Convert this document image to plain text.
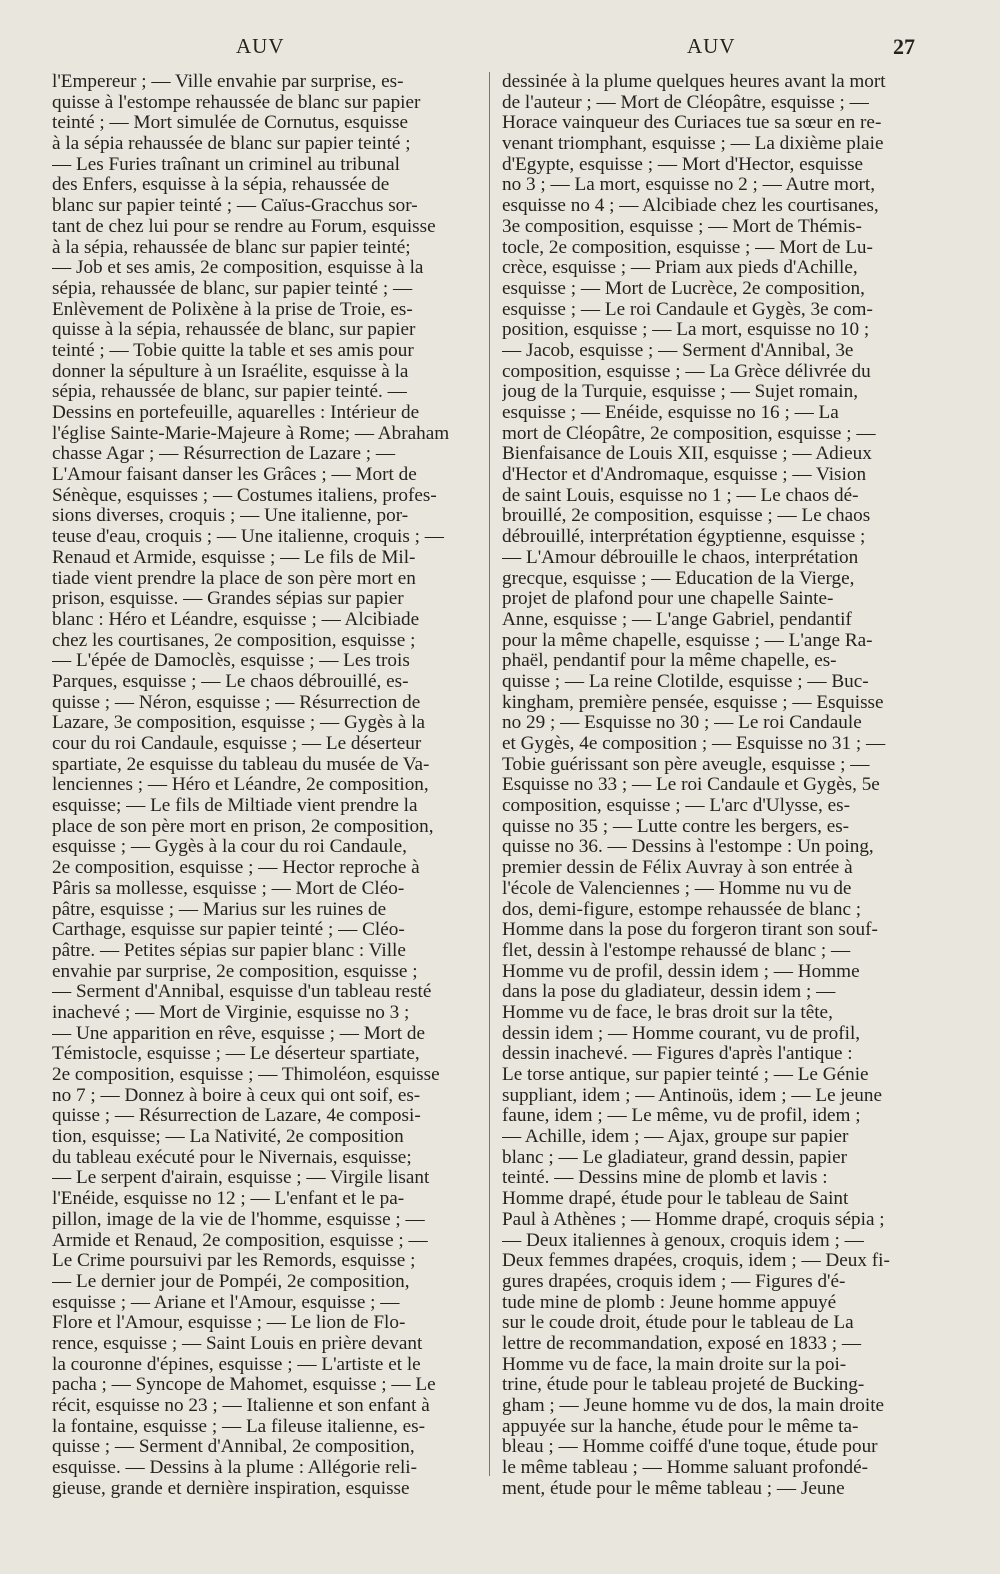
AUV	AUV	27
l'Empereur ; — Ville envahie par surprise, es-
quisse à l'estompe rehaussée de blanc sur papier
teinté ; — Mort simulée de Cornutus, esquisse
à la sépia rehaussée de blanc sur papier teinté ;
— Les Furies traînant un criminel au tribunal
des Enfers, esquisse à la sépia, rehaussée de
blanc sur papier teinté ; — Caïus-Gracchus sor-
tant de chez lui pour se rendre au Forum, esquisse
à la sépia, rehaussée de blanc sur papier teinté;
— Job et ses amis, 2e composition, esquisse à la
sépia, rehaussée de blanc, sur papier teinté ; —
Enlèvement de Polixène à la prise de Troie, es-
quisse à la sépia, rehaussée de blanc, sur papier
teinté ; — Tobie quitte la table et ses amis pour
donner la sépulture à un Israélite, esquisse à la
sépia, rehaussée de blanc, sur papier teinté. —
Dessins en portefeuille, aquarelles : Intérieur de
l'église Sainte-Marie-Majeure à Rome; — Abraham
chasse Agar ; — Résurrection de Lazare ; —
L'Amour faisant danser les Grâces ; — Mort de
Sénèque, esquisses ; — Costumes italiens, profes-
sions diverses, croquis ; — Une italienne, por-
teuse d'eau, croquis ; — Une italienne, croquis ; —
Renaud et Armide, esquisse ; — Le fils de Mil-
tiade vient prendre la place de son père mort en
prison, esquisse. — Grandes sépias sur papier
blanc : Héro et Léandre, esquisse ; — Alcibiade
chez les courtisanes, 2e composition, esquisse ;
— L'épée de Damoclès, esquisse ; — Les trois
Parques, esquisse ; — Le chaos débrouillé, es-
quisse ; — Néron, esquisse ; — Résurrection de
Lazare, 3e composition, esquisse ; — Gygès à la
cour du roi Candaule, esquisse ; — Le déserteur
spartiate, 2e esquisse du tableau du musée de Va-
lenciennes ; — Héro et Léandre, 2e composition,
esquisse; — Le fils de Miltiade vient prendre la
place de son père mort en prison, 2e composition,
esquisse ; — Gygès à la cour du roi Candaule,
2e composition, esquisse ; — Hector reproche à
Pâris sa mollesse, esquisse ; — Mort de Cléo-
pâtre, esquisse ; — Marius sur les ruines de
Carthage, esquisse sur papier teinté ; — Cléo-
pâtre. — Petites sépias sur papier blanc : Ville
envahie par surprise, 2e composition, esquisse ;
— Serment d'Annibal, esquisse d'un tableau resté
inachevé ; — Mort de Virginie, esquisse no 3 ;
— Une apparition en rêve, esquisse ; — Mort de
Témistocle, esquisse ; — Le déserteur spartiate,
2e composition, esquisse ; — Thimoléon, esquisse
no 7 ; — Donnez à boire à ceux qui ont soif, es-
quisse ; — Résurrection de Lazare, 4e composi-
tion, esquisse; — La Nativité, 2e composition
du tableau exécuté pour le Nivernais, esquisse;
— Le serpent d'airain, esquisse ; — Virgile lisant
l'Enéide, esquisse no 12 ; — L'enfant et le pa-
pillon, image de la vie de l'homme, esquisse ; —
Armide et Renaud, 2e composition, esquisse ; —
Le Crime poursuivi par les Remords, esquisse ;
— Le dernier jour de Pompéi, 2e composition,
esquisse ; — Ariane et l'Amour, esquisse ; —
Flore et l'Amour, esquisse ; — Le lion de Flo-
rence, esquisse ; — Saint Louis en prière devant
la couronne d'épines, esquisse ; — L'artiste et le
pacha ; — Syncope de Mahomet, esquisse ; — Le
récit, esquisse no 23 ; — Italienne et son enfant à
la fontaine, esquisse ; — La fileuse italienne, es-
quisse ; — Serment d'Annibal, 2e composition,
esquisse. — Dessins à la plume : Allégorie reli-
gieuse, grande et dernière inspiration, esquisse
dessinée à la plume quelques heures avant la mort
de l'auteur ; — Mort de Cléopâtre, esquisse ; —
Horace vainqueur des Curiaces tue sa sœur en re-
venant triomphant, esquisse ; — La dixième plaie
d'Egypte, esquisse ; — Mort d'Hector, esquisse
no 3 ; — La mort, esquisse no 2 ; — Autre mort,
esquisse no 4 ; — Alcibiade chez les courtisanes,
3e composition, esquisse ; — Mort de Thémis-
tocle, 2e composition, esquisse ; — Mort de Lu-
crèce, esquisse ; — Priam aux pieds d'Achille,
esquisse ; — Mort de Lucrèce, 2e composition,
esquisse ; — Le roi Candaule et Gygès, 3e com-
position, esquisse ; — La mort, esquisse no 10 ;
— Jacob, esquisse ; — Serment d'Annibal, 3e
composition, esquisse ; — La Grèce délivrée du
joug de la Turquie, esquisse ; — Sujet romain,
esquisse ; — Enéide, esquisse no 16 ; — La
mort de Cléopâtre, 2e composition, esquisse ; —
Bienfaisance de Louis XII, esquisse ; — Adieux
d'Hector et d'Andromaque, esquisse ; — Vision
de saint Louis, esquisse no 1 ; — Le chaos dé-
brouillé, 2e composition, esquisse ; — Le chaos
débrouillé, interprétation égyptienne, esquisse ;
— L'Amour débrouille le chaos, interprétation
grecque, esquisse ; — Education de la Vierge,
projet de plafond pour une chapelle Sainte-
Anne, esquisse ; — L'ange Gabriel, pendantif
pour la même chapelle, esquisse ; — L'ange Ra-
phaël, pendantif pour la même chapelle, es-
quisse ; — La reine Clotilde, esquisse ; — Buc-
kingham, première pensée, esquisse ; — Esquisse
no 29 ; — Esquisse no 30 ; — Le roi Candaule
et Gygès, 4e composition ; — Esquisse no 31 ; —
Tobie guérissant son père aveugle, esquisse ; —
Esquisse no 33 ; — Le roi Candaule et Gygès, 5e
composition, esquisse ; — L'arc d'Ulysse, es-
quisse no 35 ; — Lutte contre les bergers, es-
quisse no 36. — Dessins à l'estompe : Un poing,
premier dessin de Félix Auvray à son entrée à
l'école de Valenciennes ; — Homme nu vu de
dos, demi-figure, estompe rehaussée de blanc ;
Homme dans la pose du forgeron tirant son souf-
flet, dessin à l'estompe rehaussé de blanc ; —
Homme vu de profil, dessin idem ; — Homme
dans la pose du gladiateur, dessin idem ; —
Homme vu de face, le bras droit sur la tête,
dessin idem ; — Homme courant, vu de profil,
dessin inachevé. — Figures d'après l'antique :
Le torse antique, sur papier teinté ; — Le Génie
suppliant, idem ; — Antinoüs, idem ; — Le jeune
faune, idem ; — Le même, vu de profil, idem ;
— Achille, idem ; — Ajax, groupe sur papier
blanc ; — Le gladiateur, grand dessin, papier
teinté. — Dessins mine de plomb et lavis :
Homme drapé, étude pour le tableau de Saint
Paul à Athènes ; — Homme drapé, croquis sépia ;
— Deux italiennes à genoux, croquis idem ; —
Deux femmes drapées, croquis, idem ; — Deux fi-
gures drapées, croquis idem ; — Figures d'é-
tude mine de plomb : Jeune homme appuyé
sur le coude droit, étude pour le tableau de La
lettre de recommandation, exposé en 1833 ; —
Homme vu de face, la main droite sur la poi-
trine, étude pour le tableau projeté de Bucking-
gham ; — Jeune homme vu de dos, la main droite
appuyée sur la hanche, étude pour le même ta-
bleau ; — Homme coiffé d'une toque, étude pour
le même tableau ; — Homme saluant profondé-
ment, étude pour le même tableau ; — Jeune
